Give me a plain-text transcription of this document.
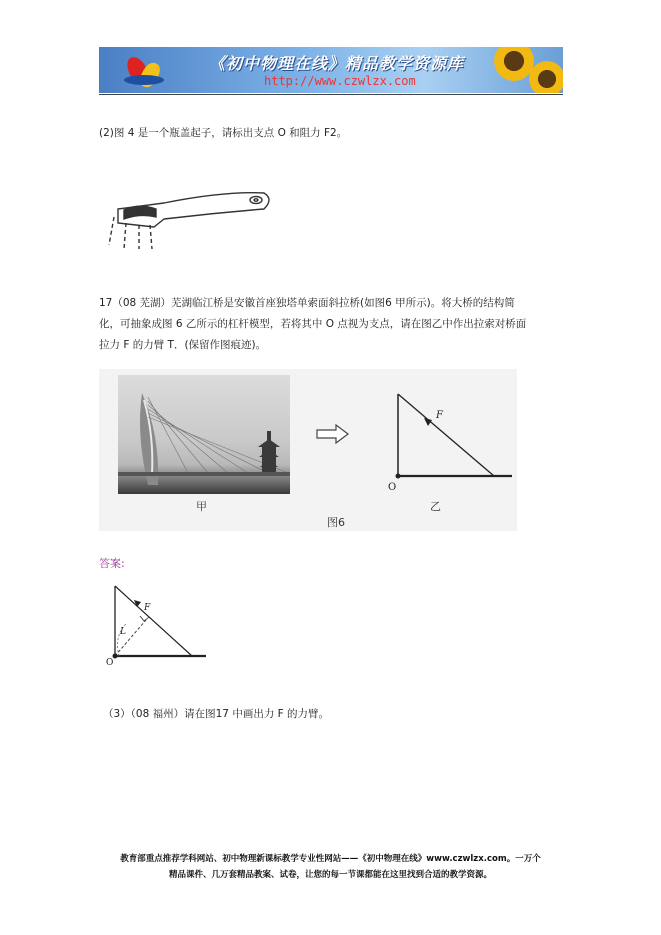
《初中物理在线》精品教学资源库
http://www.czwlzx.com
(2)图 4 是一个瓶盖起子，请标出支点 O 和阻力 F2。
17（08 芜湖）芜湖临江桥是安徽首座独塔单索面斜拉桥(如图6 甲所示)。将大桥的结构简
化，可抽象成图 6 乙所示的杠杆模型，若将其中 O 点视为支点，请在图乙中作出拉索对桥面
拉力 F 的力臂 T．(保留作图痕迹)。
F
O
甲	乙
图6
答案:
F
L
O
（3）（08 福州）请在图17 中画出力 F 的力臂。
教育部重点推荐学科网站、初中物理新课标教学专业性网站——《初中物理在线》www.czwlzx.com。一万个
精品课件、几万套精品教案、试卷，让您的每一节课都能在这里找到合适的教学资源。
